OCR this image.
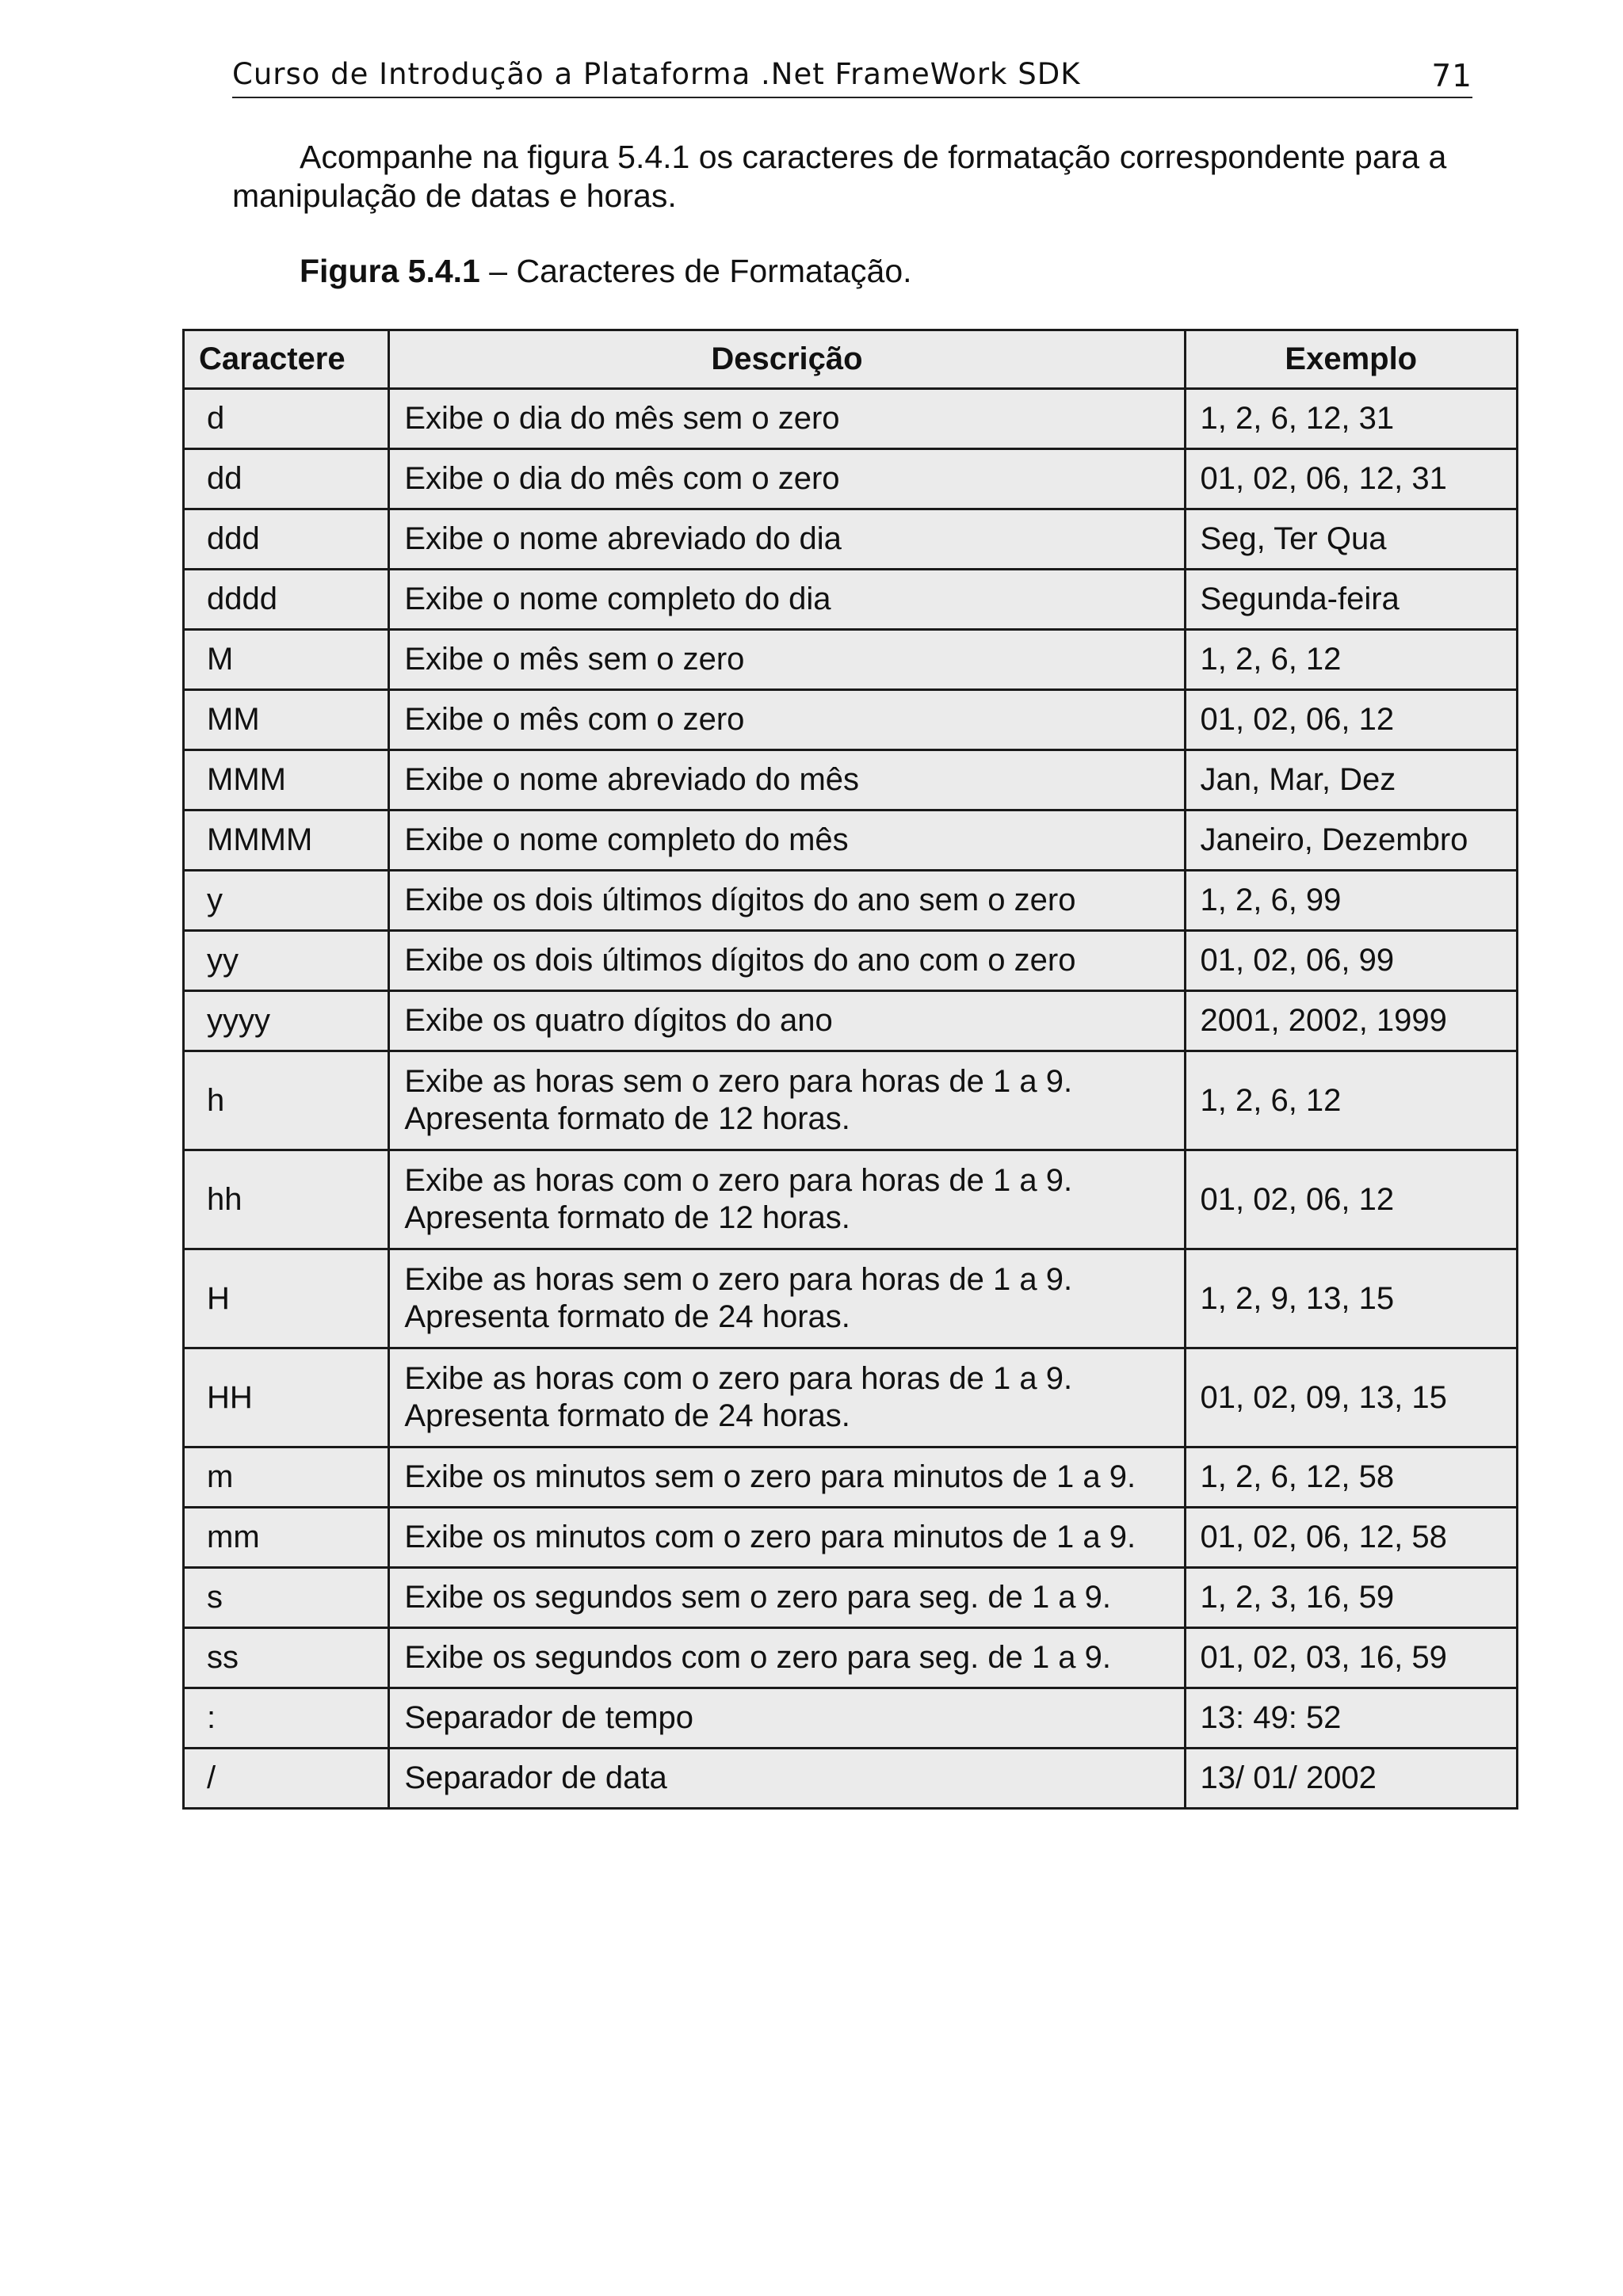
Curso de Introdução a Plataforma .Net FrameWork SDK	71

Acompanhe na figura 5.4.1 os caracteres de formatação correspondente para a manipulação de datas e horas.

Figura 5.4.1 – Caracteres de Formatação.

Caractere	Descrição	Exemplo
d	Exibe o dia do mês sem o zero	1, 2, 6, 12, 31
dd	Exibe o dia do mês com o zero	01, 02, 06, 12, 31
ddd	Exibe o nome abreviado do dia	Seg, Ter Qua
dddd	Exibe o nome completo do dia	Segunda-feira
M	Exibe o mês sem o zero	1, 2, 6, 12
MM	Exibe o mês com o zero	01, 02, 06, 12
MMM	Exibe o nome abreviado do mês	Jan, Mar, Dez
MMMM	Exibe o nome completo do mês	Janeiro, Dezembro
y	Exibe os dois últimos dígitos do ano sem o zero	1, 2, 6, 99
yy	Exibe os dois últimos dígitos do ano com o zero	01, 02, 06, 99
yyyy	Exibe os quatro dígitos do ano	2001, 2002, 1999
h	Exibe as horas sem o zero para horas de 1 a 9.
Apresenta formato de 12 horas.	1, 2, 6, 12
hh	Exibe as horas com o zero para horas de 1 a 9.
Apresenta formato de 12 horas.	01, 02, 06, 12
H	Exibe as horas sem o zero para horas de 1 a 9.
Apresenta formato de 24 horas.	1, 2, 9, 13, 15
HH	Exibe as horas com o zero para horas de 1 a 9.
Apresenta formato de 24 horas.	01, 02, 09, 13, 15
m	Exibe os minutos sem o zero para minutos de 1 a 9.	1, 2, 6, 12, 58
mm	Exibe os minutos com o zero para minutos de 1 a 9.	01, 02, 06, 12, 58
s	Exibe os segundos sem o zero para seg. de 1 a 9.	1, 2, 3, 16, 59
ss	Exibe os segundos com o zero para seg. de 1 a 9.	01, 02, 03, 16, 59
:	Separador de tempo	13: 49: 52
/	Separador de data	13/ 01/ 2002
